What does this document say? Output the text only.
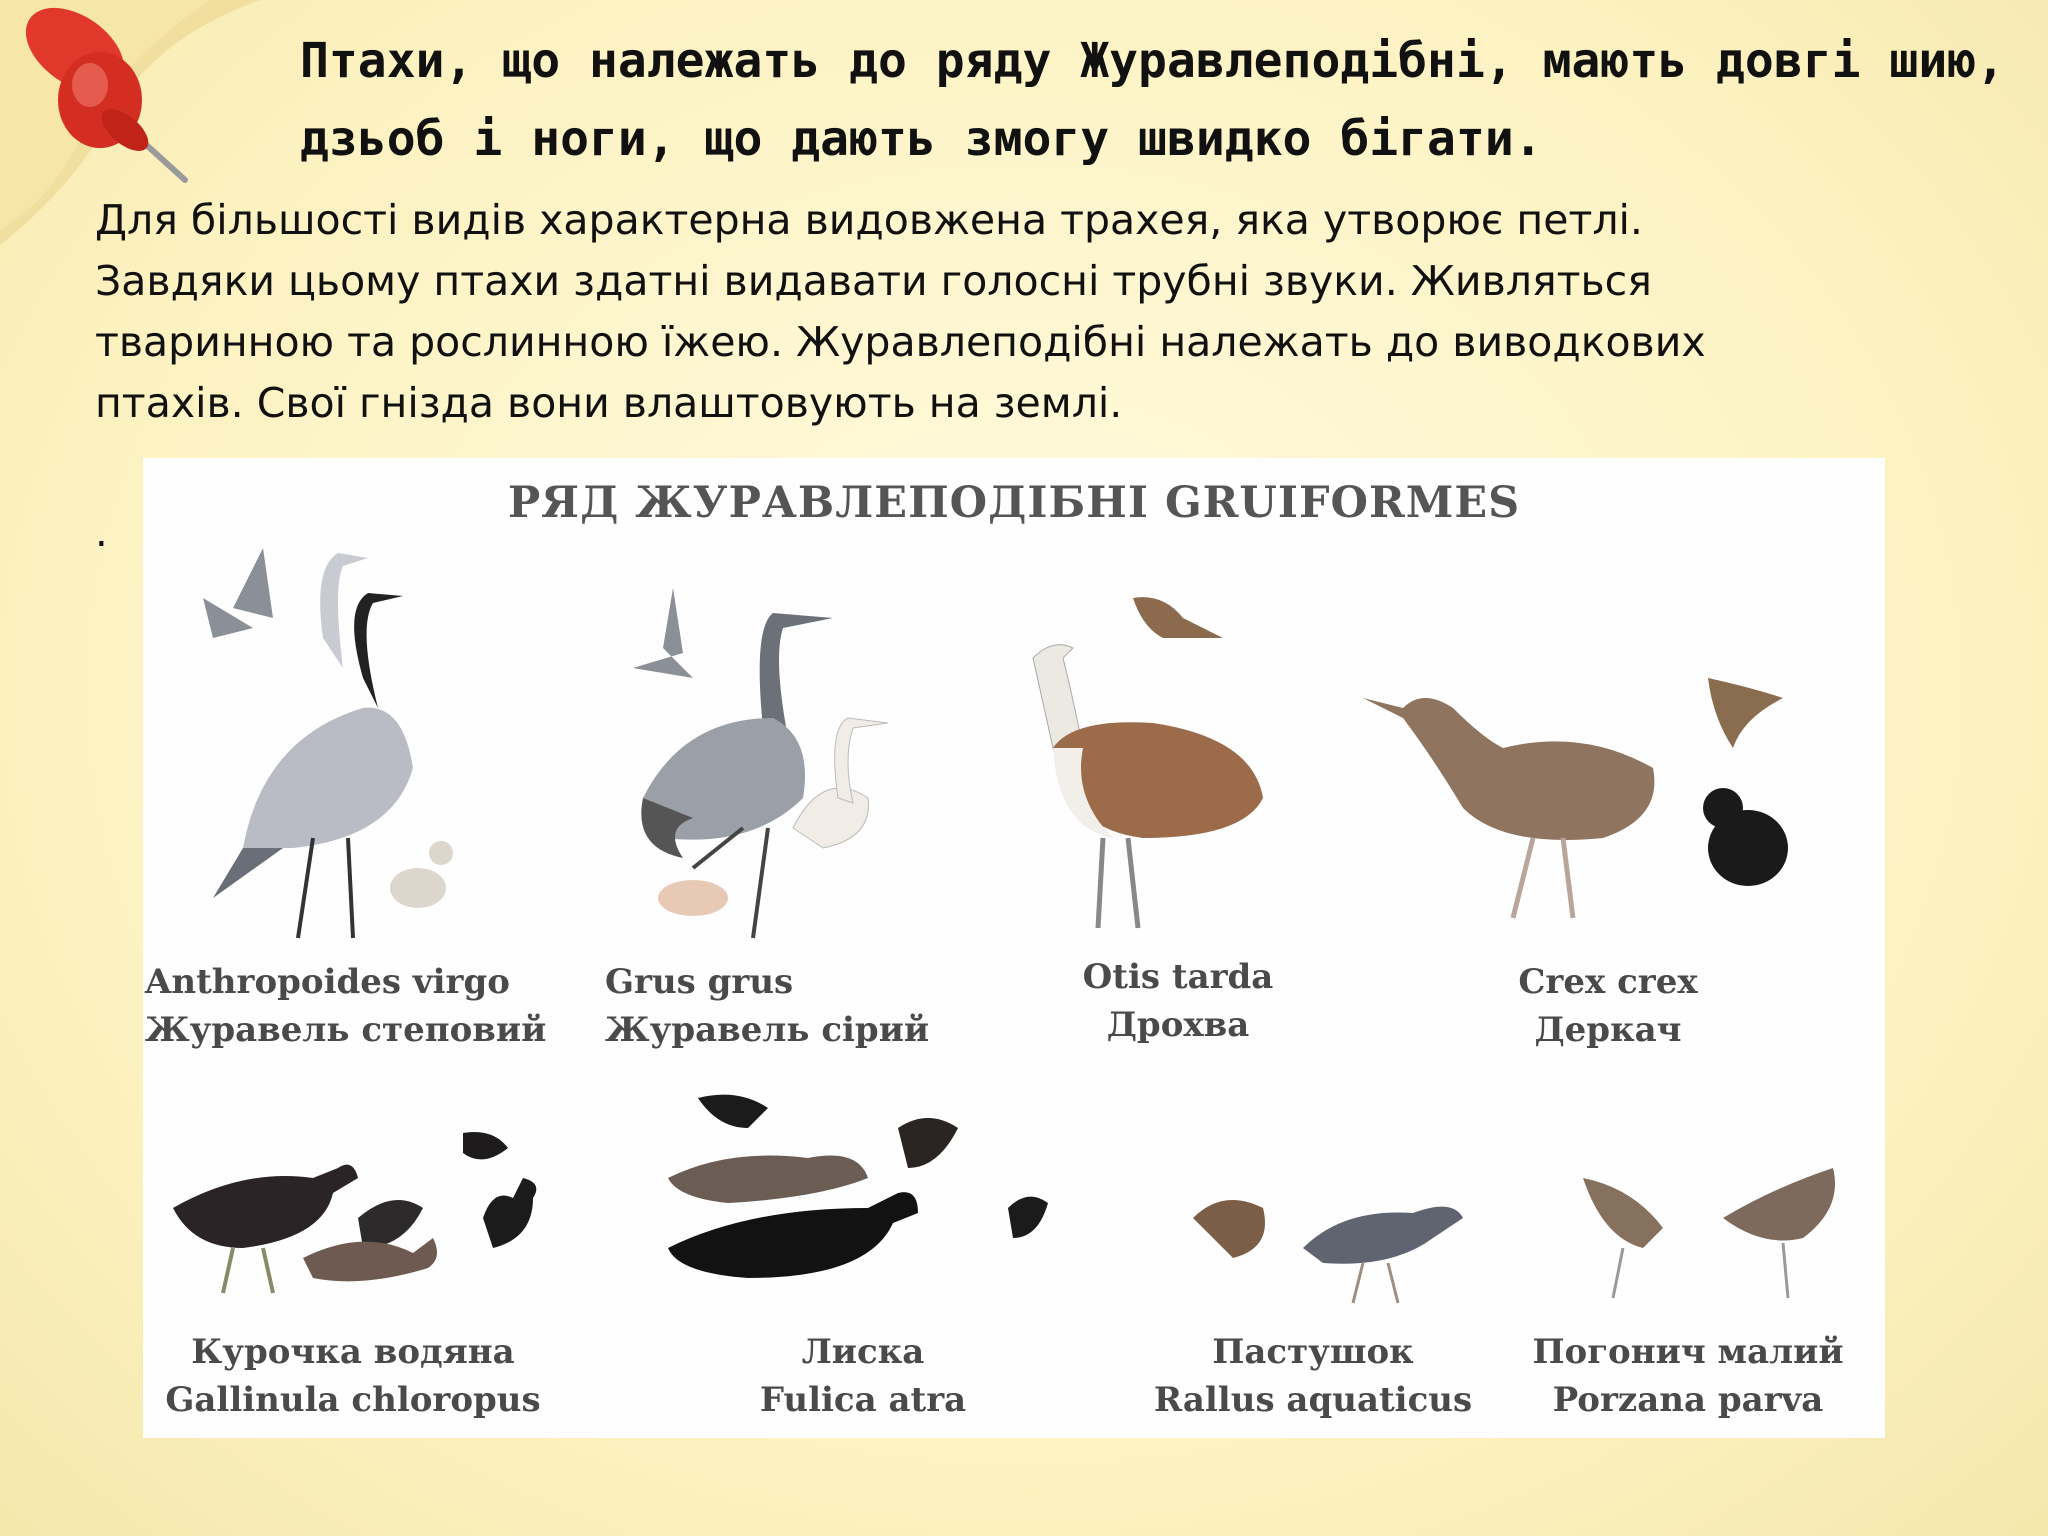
Птахи, що належать до ряду Журавлеподібні, мають довгі шию, дзьоб і ноги, що дають змогу швидко бігати.
Для більшості видів характерна видовжена трахея, яка утворює петлі.
Завдяки цьому птахи здатні видавати голосні трубні звуки. Живляться
тваринною та рослинною їжею. Журавлеподібні належать до виводкових
птахів. Свої гнізда вони влаштовують на землі.
.
РЯД ЖУРАВЛЕПОДІБНІ GRUIFORMES
Anthropoides virgo
Журавель степовий
Grus grus
Журавель сірий
Otis tarda
Дрохва
Crex crex
Деркач
Курочка водяна
Gallinula chloropus
Лиска
Fulica atra
Пастушок
Rallus aquaticus
Погонич малий
Porzana parva
